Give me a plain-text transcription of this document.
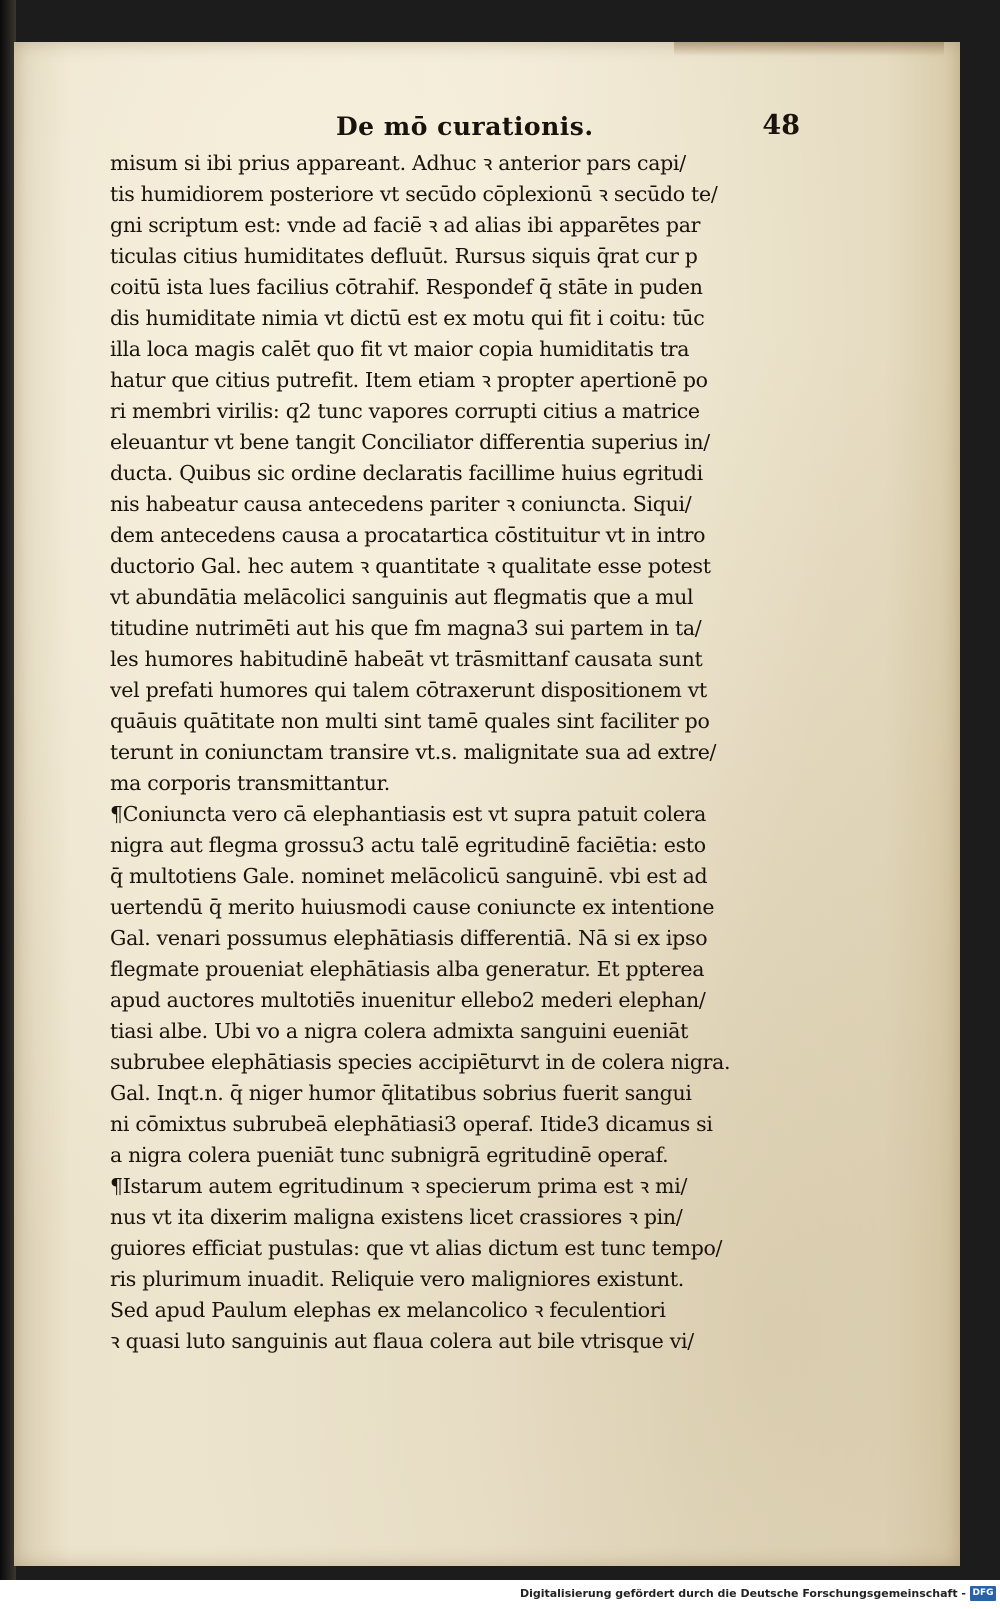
De mō curationis.	48
misum si ibi prius appareant. Adhuc ꝛ anterior pars capi/
tis humidiorem posteriore vt secūdo cōplexionū ꝛ secūdo te/
gni scriptum est: vnde ad faciē ꝛ ad alias ibi apparētes par
ticulas citius humiditates defluūt. Rursus siquis q̄rat cur p
coitū ista lues facilius cōtrahif. Respondef q̄ stāte in puden
dis humiditate nimia vt dictū est ex motu qui fit i coitu: tūc
illa loca magis calēt quo fit vt maior copia humiditatis tra
hatur que citius putrefit. Item etiam ꝛ propter apertionē po
ri membri virilis: q2 tunc vapores corrupti citius a matrice
eleuantur vt bene tangit Conciliator differentia superius in/
ducta. Quibus sic ordine declaratis facillime huius egritudi
nis habeatur causa antecedens pariter ꝛ coniuncta. Siqui/
dem antecedens causa a procatartica cōstituitur vt in intro
ductorio Gal. hec autem ꝛ quantitate ꝛ qualitate esse potest
vt abundātia melācolici sanguinis aut flegmatis que a mul
titudine nutrimēti aut his que fm magna3 sui partem in ta/
les humores habitudinē habeāt vt trāsmittanf causata sunt
vel prefati humores qui talem cōtraxerunt dispositionem vt
quāuis quātitate non multi sint tamē quales sint faciliter po
terunt in coniunctam transire vt.s. malignitate sua ad extre/
ma corporis transmittantur.
¶Coniuncta vero cā elephantiasis est vt supra patuit colera
nigra aut flegma grossu3 actu talē egritudinē faciētia: esto
q̄ multotiens Gale. nominet melācolicū sanguinē. vbi est ad
uertendū q̄ merito huiusmodi cause coniuncte ex intentione
Gal. venari possumus elephātiasis differentiā. Nā si ex ipso
flegmate proueniat elephātiasis alba generatur. Et ppterea
apud auctores multotiēs inuenitur ellebo2 mederi elephan/
tiasi albe. Ubi vo a nigra colera admixta sanguini eueniāt
subrubee elephātiasis species accipiēturvt in de colera nigra.
Gal. Inqt.n. q̄ niger humor q̄litatibus sobrius fuerit sangui
ni cōmixtus subrubeā elephātiasi3 operaf. Itide3 dicamus si
a nigra colera pueniāt tunc subnigrā egritudinē operaf.
¶Istarum autem egritudinum ꝛ specierum prima est ꝛ mi/
nus vt ita dixerim maligna existens licet crassiores ꝛ pin/
guiores efficiat pustulas: que vt alias dictum est tunc tempo/
ris plurimum inuadit. Reliquie vero maligniores existunt.
Sed apud Paulum elephas ex melancolico ꝛ feculentiori
ꝛ quasi luto sanguinis aut flaua colera aut bile vtrisque vi/
Digitalisierung gefördert durch die Deutsche Forschungsgemeinschaft - DFG
